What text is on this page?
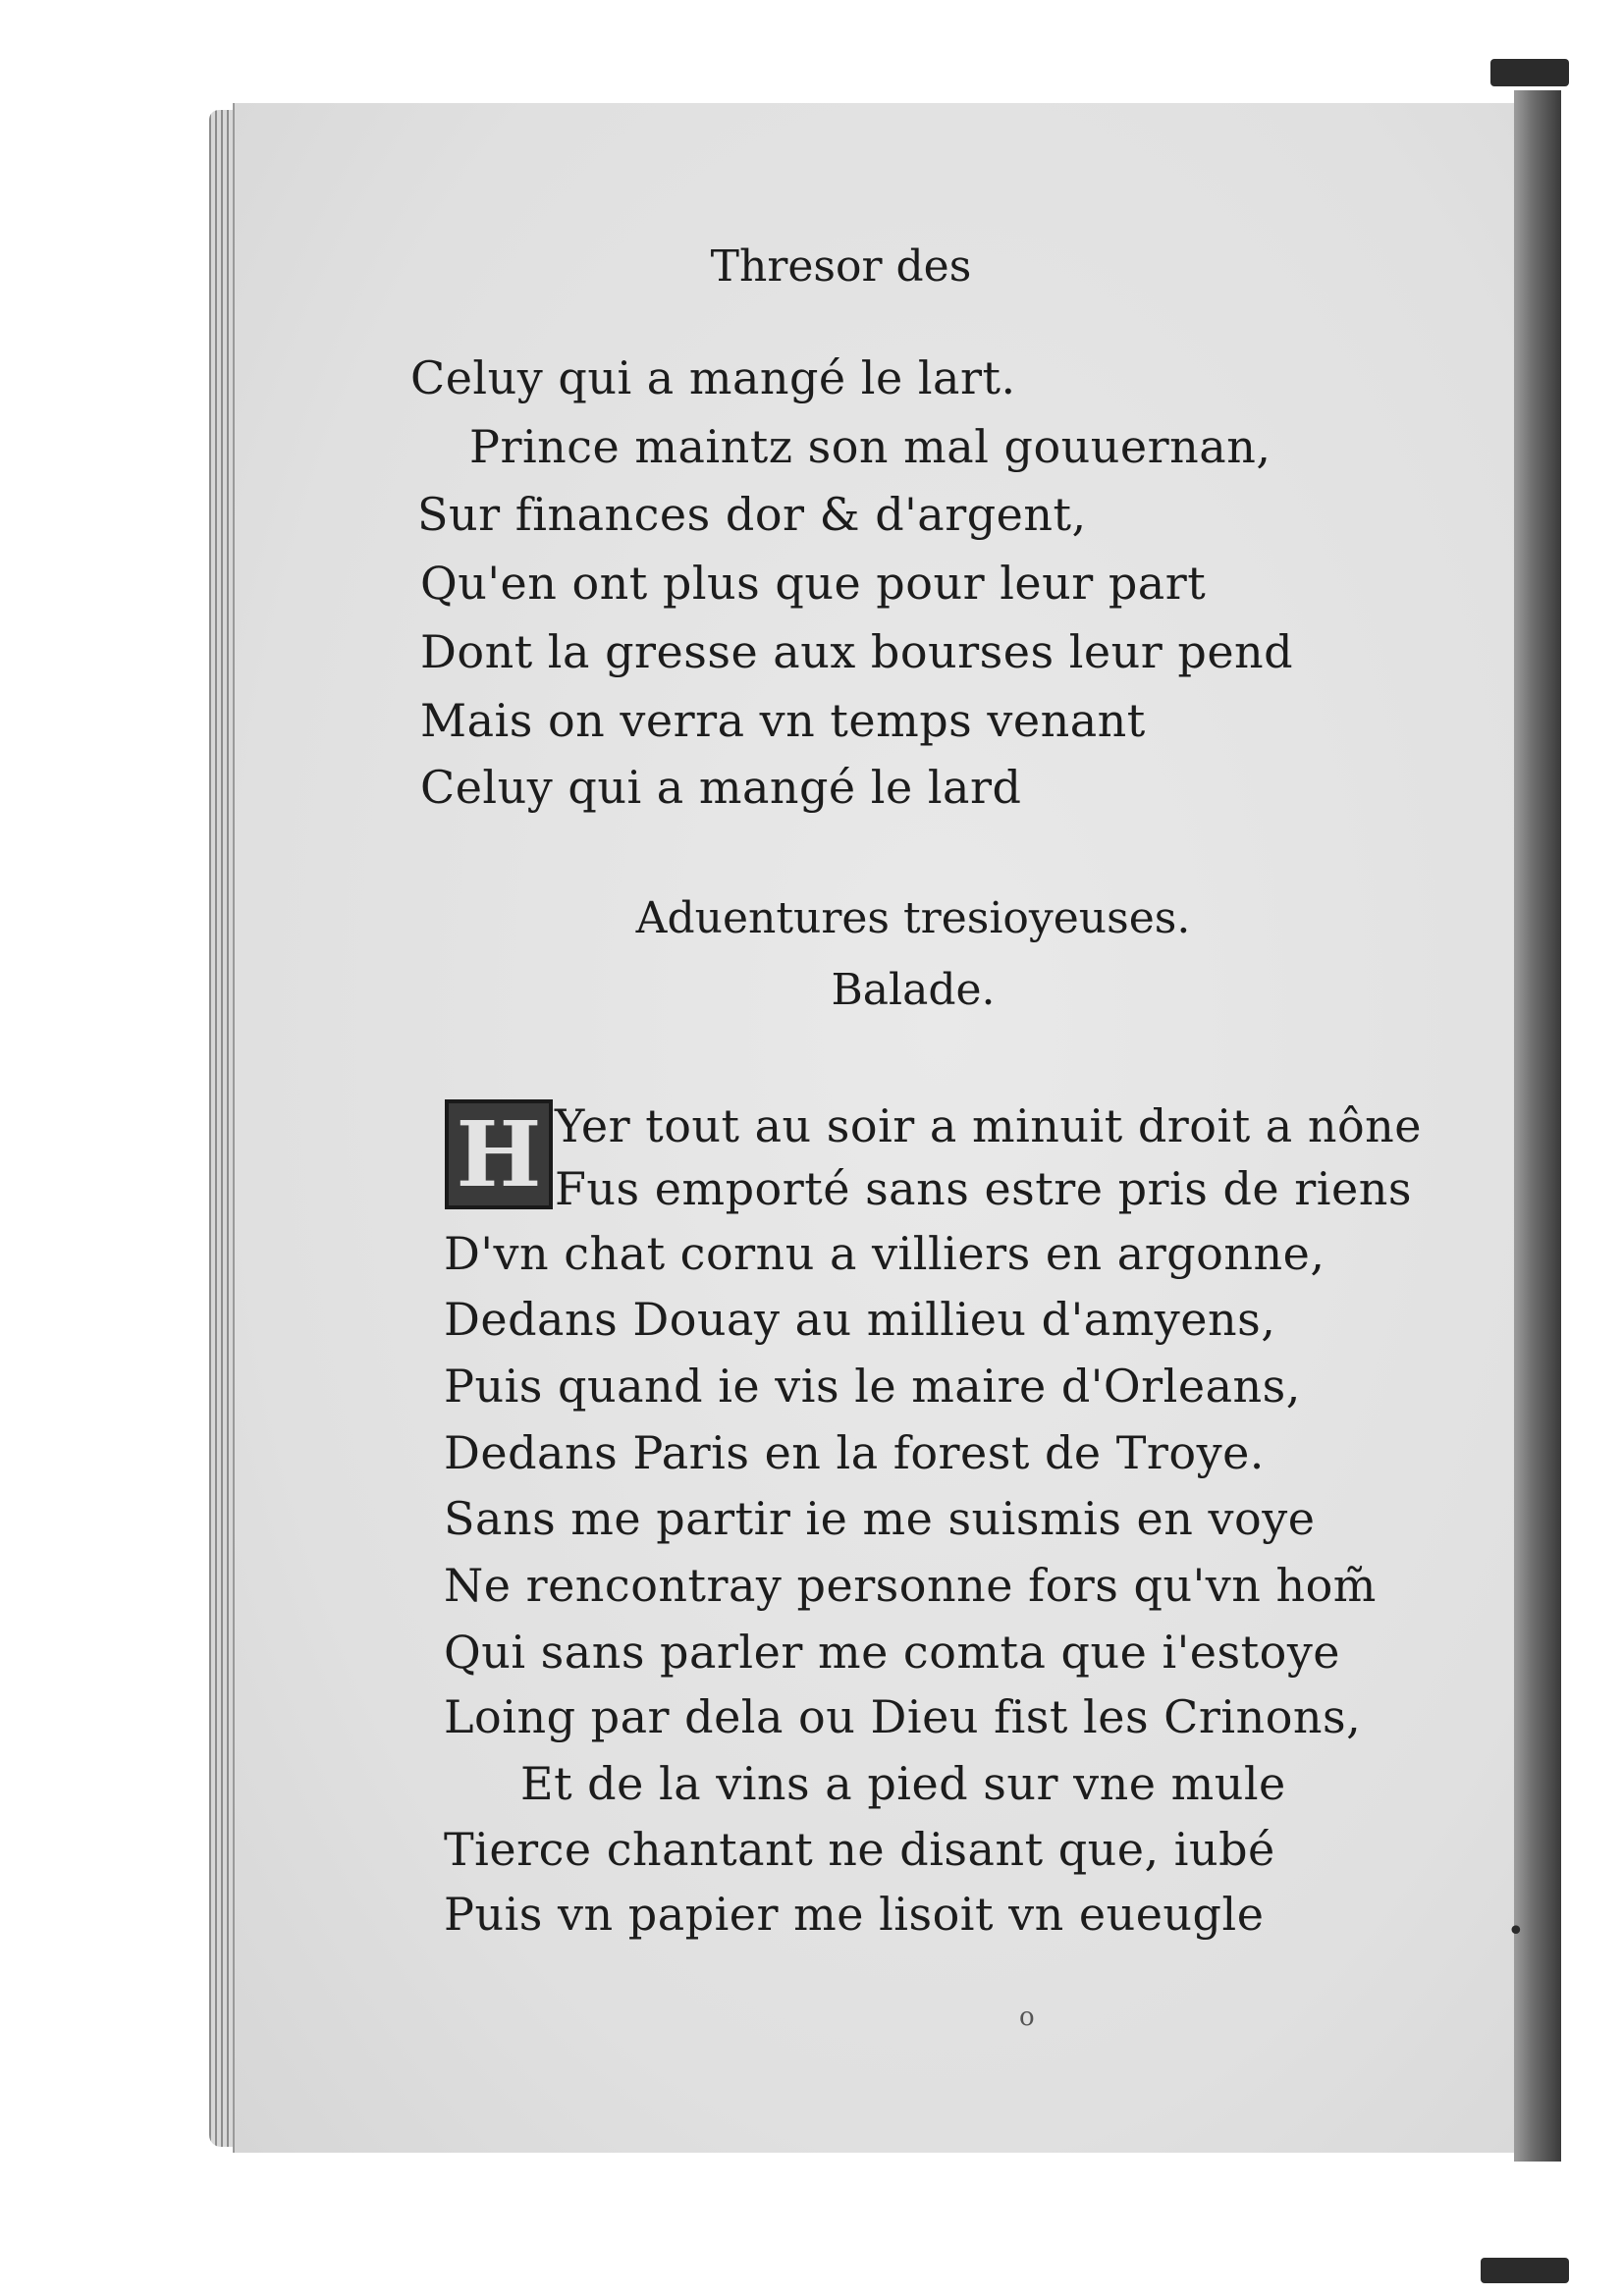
Thresor des
Celuy qui a mangé le lart.
Prince maintz son mal gouuernan,
Sur finances dor & d'argent,
Qu'en ont plus que pour leur part
Dont la gresse aux bourses leur pend
Mais on verra vn temps venant
Celuy qui a mangé le lard
Aduentures tresioyeuses.
Balade.
H Yer tout au soir a minuit droit a nône
Fus emporté sans estre pris de riens
D'vn chat cornu a villiers en argonne,
Dedans Douay au millieu d'amyens,
Puis quand ie vis le maire d'Orleans,
Dedans Paris en la forest de Troye.
Sans me partir ie me suismis en voye
Ne rencontray personne fors qu'vn hom̃
Qui sans parler me comta que i'estoye
Loing par dela ou Dieu fist les Crinons,
Et de la vins a pied sur vne mule
Tierce chantant ne disant que, iubé
Puis vn papier me lisoit vn eueugle	•
o
